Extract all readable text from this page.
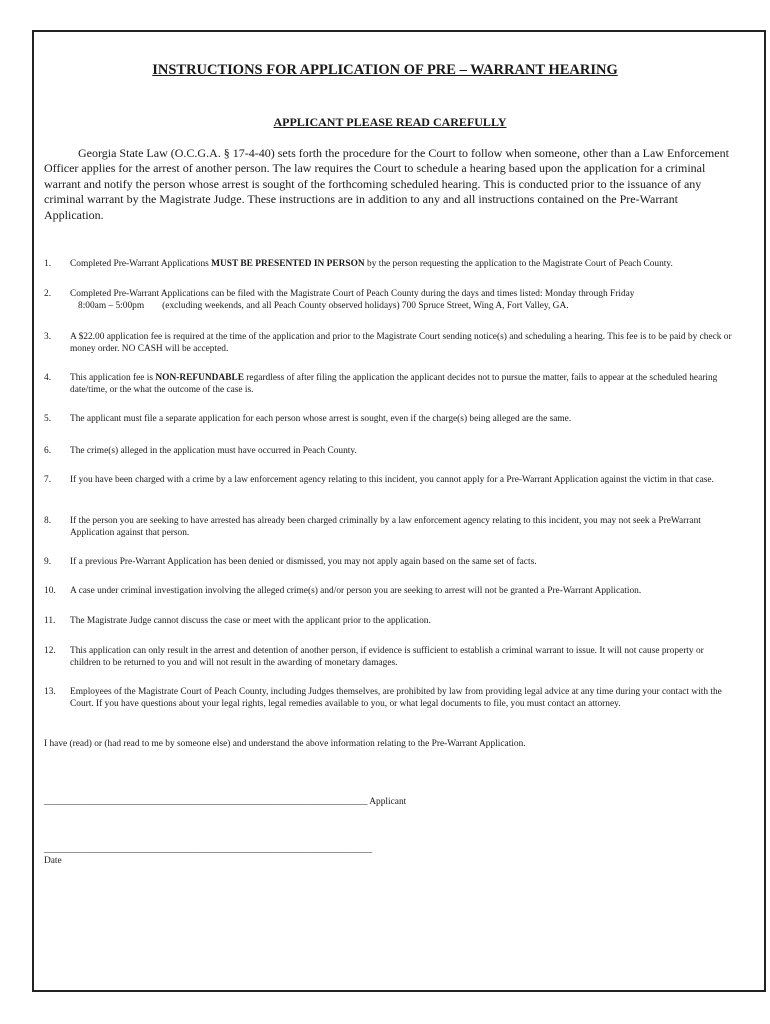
INSTRUCTIONS FOR APPLICATION OF PRE – WARRANT HEARING
APPLICANT PLEASE READ CAREFULLY

Georgia State Law (O.C.G.A. § 17-4-40) sets forth the procedure for the Court to follow when someone, other than a Law Enforcement Officer applies for the arrest of another person. The law requires the Court to schedule a hearing based upon the application for a criminal warrant and notify the person whose arrest is sought of the forthcoming scheduled hearing. This is conducted prior to the issuance of any criminal warrant by the Magistrate Judge. These instructions are in addition to any and all instructions contained on the Pre-Warrant Application.

1. Completed Pre-Warrant Applications MUST BE PRESENTED IN PERSON by the person requesting the application to the Magistrate Court of Peach County.
2. Completed Pre-Warrant Applications can be filed with the Magistrate Court of Peach County during the days and times listed: Monday through Friday
8:00am – 5:00pm (excluding weekends, and all Peach County observed holidays) 700 Spruce Street, Wing A, Fort Valley, GA.
3. A $22.00 application fee is required at the time of the application and prior to the Magistrate Court sending notice(s) and scheduling a hearing. This fee is to be paid by check or money order. NO CASH will be accepted.
4. This application fee is NON-REFUNDABLE regardless of after filing the application the applicant decides not to pursue the matter, fails to appear at the scheduled hearing date/time, or the what the outcome of the case is.
5. The applicant must file a separate application for each person whose arrest is sought, even if the charge(s) being alleged are the same.
6. The crime(s) alleged in the application must have occurred in Peach County.
7. If you have been charged with a crime by a law enforcement agency relating to this incident, you cannot apply for a Pre-Warrant Application against the victim in that case.
8. If the person you are seeking to have arrested has already been charged criminally by a law enforcement agency relating to this incident, you may not seek a PreWarrant Application against that person.
9. If a previous Pre-Warrant Application has been denied or dismissed, you may not apply again based on the same set of facts.
10. A case under criminal investigation involving the alleged crime(s) and/or person you are seeking to arrest will not be granted a Pre-Warrant Application.
11. The Magistrate Judge cannot discuss the case or meet with the applicant prior to the application.
12. This application can only result in the arrest and detention of another person, if evidence is sufficient to establish a criminal warrant to issue. It will not cause property or children to be returned to you and will not result in the awarding of monetary damages.
13. Employees of the Magistrate Court of Peach County, including Judges themselves, are prohibited by law from providing legal advice at any time during your contact with the Court. If you have questions about your legal rights, legal remedies available to you, or what legal documents to file, you must contact an attorney.
I have (read) or (had read to me by someone else) and understand the above information relating to the Pre-Warrant Application.
_____________________________________________________________________ Applicant
______________________________________________________________________
Date
